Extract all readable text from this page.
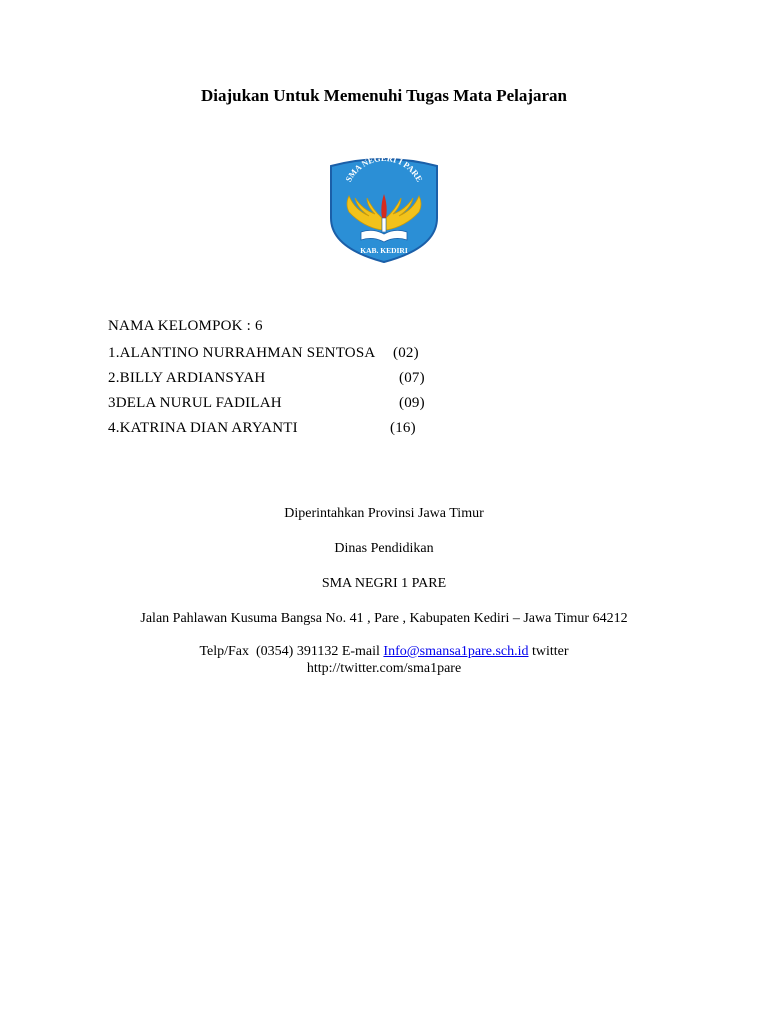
Diajukan Untuk Memenuhi Tugas Mata Pelajaran
SMA NEGERI I PARE
KAB. KEDIRI
NAMA KELOMPOK : 6
1.ALANTINO NURRAHMAN SENTOSA (02)
2.BILLY ARDIANSYAH	(07)
3DELA NURUL FADILAH	(09)
4.KATRINA DIAN ARYANTI	(16)
Diperintahkan Provinsi Jawa Timur
Dinas Pendidikan
SMA NEGRI 1 PARE
Jalan Pahlawan Kusuma Bangsa No. 41 , Pare , Kabupaten Kediri – Jawa Timur 64212
Telp/Fax  (0354) 391132 E-mail Info@smansa1pare.sch.id twitter
http://twitter.com/sma1pare
